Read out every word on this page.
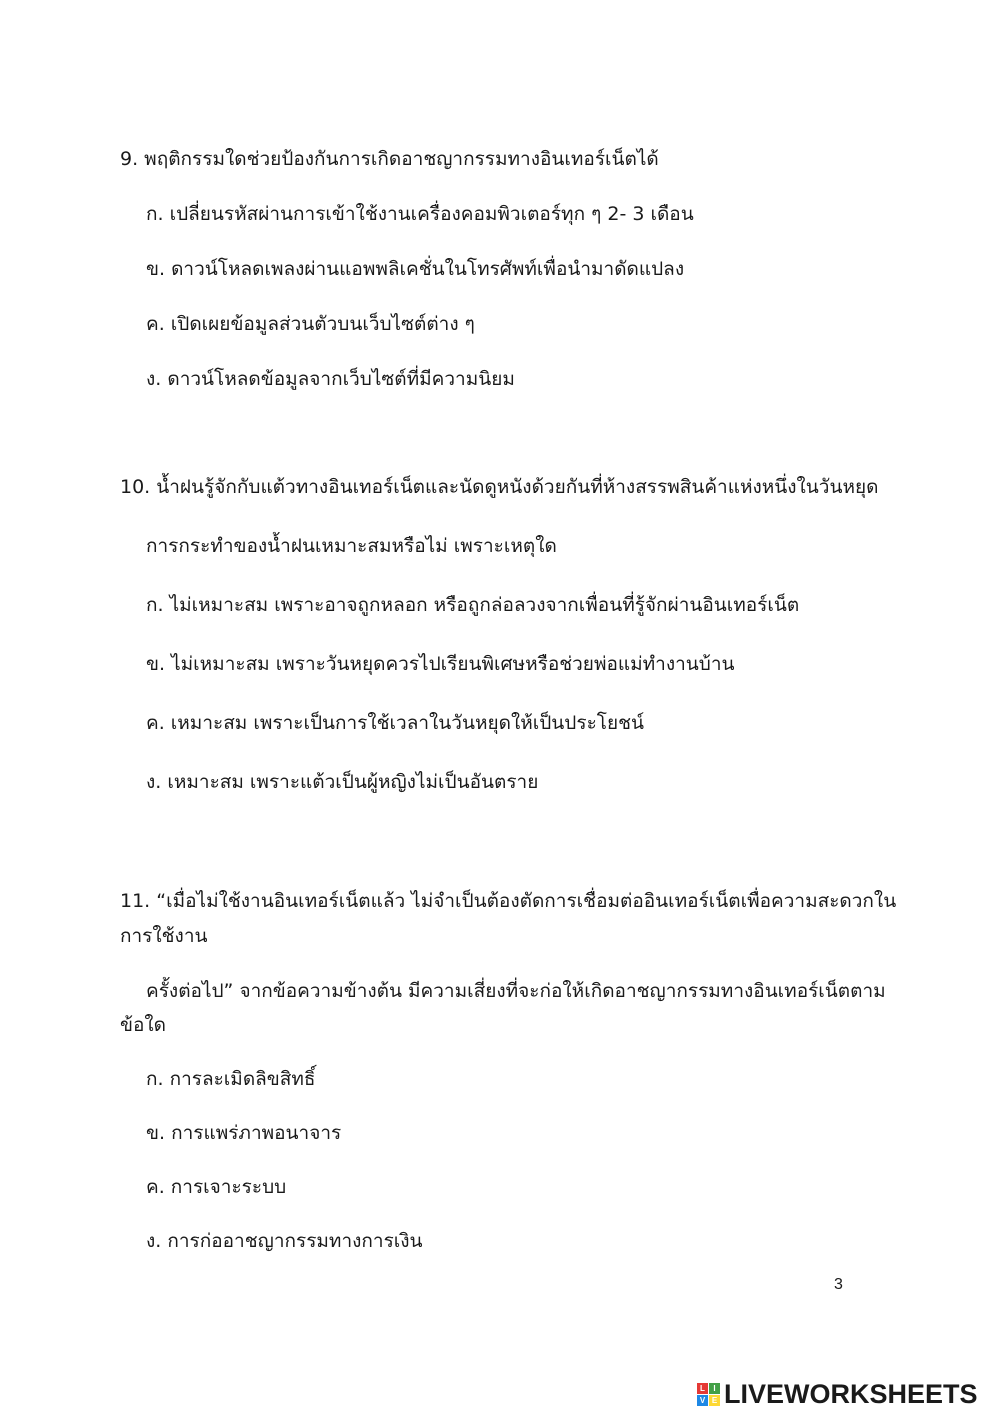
9. พฤติกรรมใดช่วยป้องกันการเกิดอาชญากรรมทางอินเทอร์เน็ตได้
ก. เปลี่ยนรหัสผ่านการเข้าใช้งานเครื่องคอมพิวเตอร์ทุก ๆ 2- 3 เดือน
ข. ดาวน์โหลดเพลงผ่านแอพพลิเคชั่นในโทรศัพท์เพื่อนำมาดัดแปลง
ค. เปิดเผยข้อมูลส่วนตัวบนเว็บไซต์ต่าง ๆ
ง. ดาวน์โหลดข้อมูลจากเว็บไซต์ที่มีความนิยม
10. น้ำฝนรู้จักกับแต้วทางอินเทอร์เน็ตและนัดดูหนังด้วยกันที่ห้างสรรพสินค้าแห่งหนึ่งในวันหยุด
การกระทำของน้ำฝนเหมาะสมหรือไม่ เพราะเหตุใด
ก. ไม่เหมาะสม เพราะอาจถูกหลอก หรือถูกล่อลวงจากเพื่อนที่รู้จักผ่านอินเทอร์เน็ต
ข. ไม่เหมาะสม เพราะวันหยุดควรไปเรียนพิเศษหรือช่วยพ่อแม่ทำงานบ้าน
ค. เหมาะสม เพราะเป็นการใช้เวลาในวันหยุดให้เป็นประโยชน์
ง. เหมาะสม เพราะแต้วเป็นผู้หญิงไม่เป็นอันตราย
11. “เมื่อไม่ใช้งานอินเทอร์เน็ตแล้ว ไม่จำเป็นต้องตัดการเชื่อมต่ออินเทอร์เน็ตเพื่อความสะดวกใน
การใช้งาน
ครั้งต่อไป” จากข้อความข้างต้น มีความเสี่ยงที่จะก่อให้เกิดอาชญากรรมทางอินเทอร์เน็ตตาม
ข้อใด
ก. การละเมิดลิขสิทธิ์
ข. การแพร่ภาพอนาจาร
ค. การเจาะระบบ
ง. การก่ออาชญากรรมทางการเงิน
3
L	I
V E LIVEWORKSHEETS
